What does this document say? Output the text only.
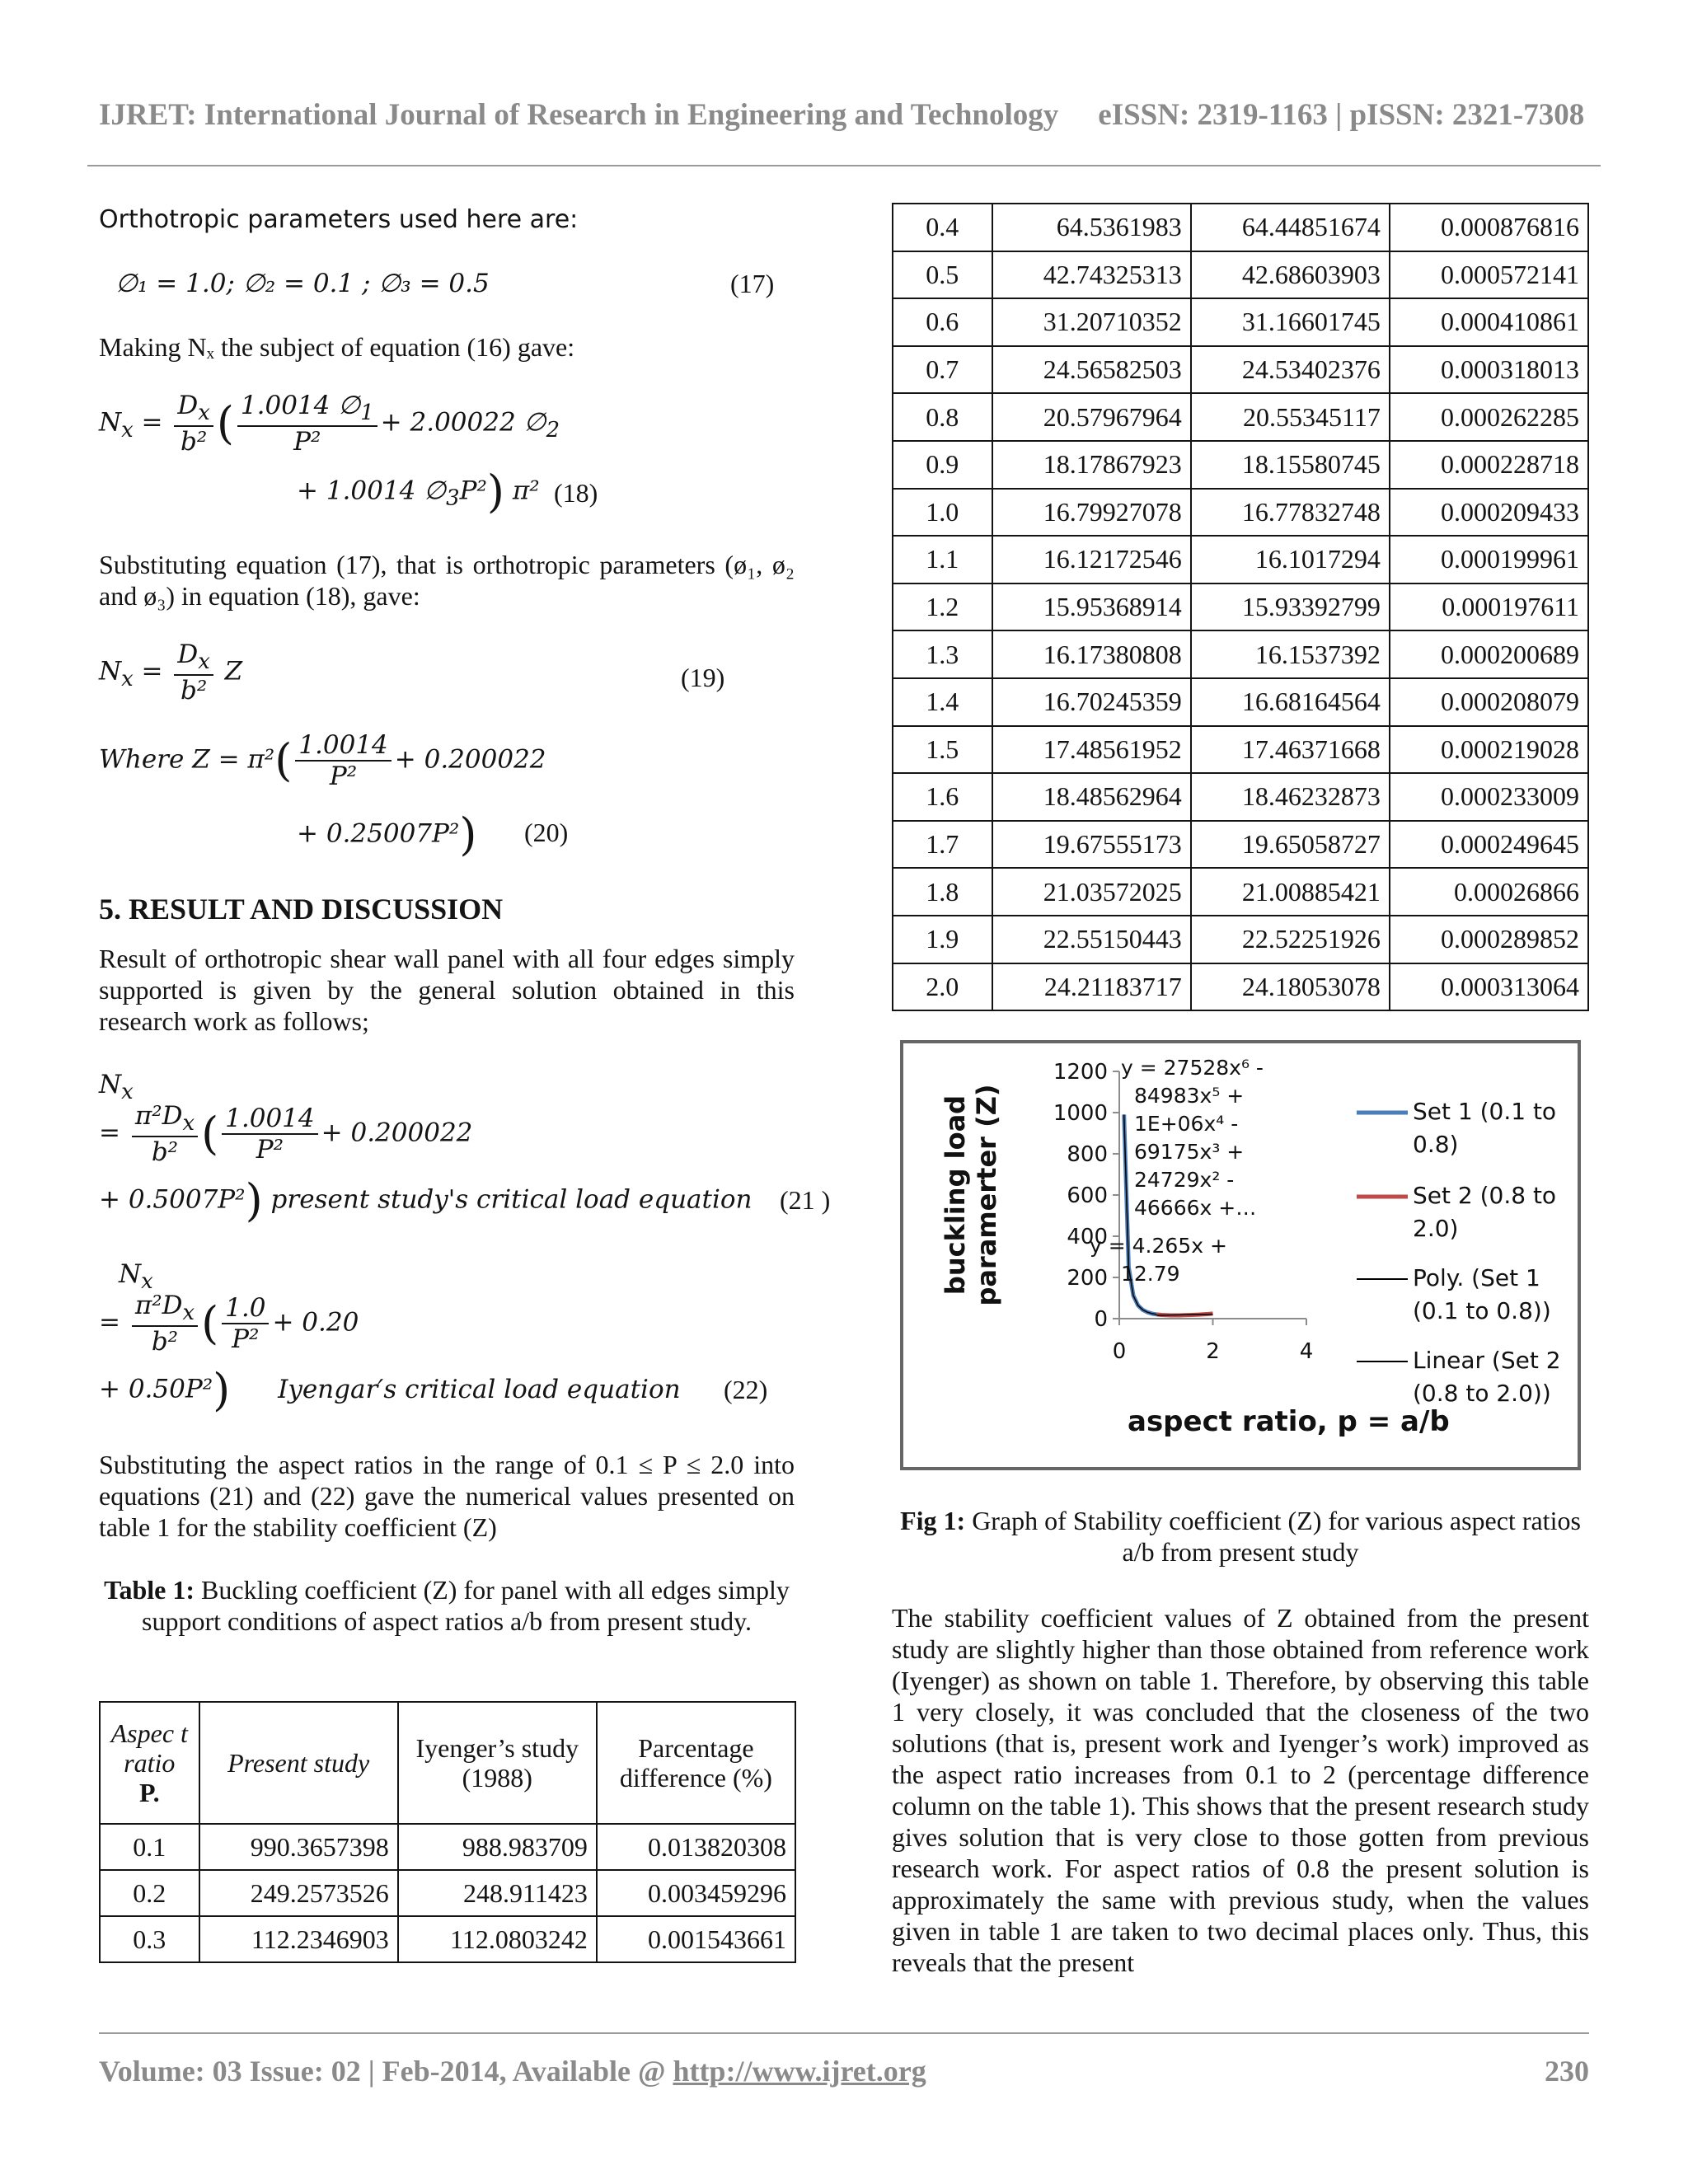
IJRET: International Journal of Research in Engineering and Technology eISSN: 2319-1163 | pISSN: 2321-7308
Orthotropic parameters used here are:
∅₁ = 1.0; ∅₂ = 0.1 ; ∅₃ = 0.5	(17)
Making Nₓ the subject of equation (16) gave:
$N_x = \frac{D_x}{\text{b²}}$ ( $\frac{1.0014 \emptyset_1}{\text{P²}} + 2.00022$ $\emptyset_2$
+ 1.0014 $\emptyset_3P^2$) π² (18)
Substituting equation (17), that is orthotropic parameters (ø₁, ø₂ and ø₃) in equation (18), gave:
$N_x = \frac{D_x}{\text{b²}}$ Z	(19)
Where $Z = \pi^2( \frac{1.0014}{\text{P²}} + 0.200022$
+ 0.25007P²) (20)
5. RESULT AND DISCUSSION
Result of orthotropic shear wall panel with all four edges simply supported is given by the general solution obtained in this research work as follows;
$N_x$
= $\frac{\pi^2D_x}{\text{b²}}$ ( $\frac{1.0014}{\text{P²}} + 0.200022$
+ 0.5007P²) present study's critical load equation (21 )
$N_x$
= $\frac{\pi^2D_x}{\text{b²}}$ ( $\frac{1.0}{\text{P²}} + 0.20$
+ 0.50P²) Iyengar′s critical load equation (22)
Substituting the aspect ratios in the range of 0.1 ≤ P ≤ 2.0 into equations (21) and (22) gave the numerical values presented on table 1 for the stability coefficient (Z)
Table 1: Buckling coefficient (Z) for panel with all edges simply support conditions of aspect ratios a/b from present study.
Aspec t ratio
P.	Present study	Iyenger’s study (1988)	Parcentage difference (%)
0.1	990.3657398	988.983709	0.013820308
0.2	249.2573526	248.911423	0.003459296
0.3	112.2346903	112.0803242	0.001543661
0.4	64.5361983	64.44851674	0.000876816
0.5	42.74325313	42.68603903	0.000572141
0.6	31.20710352	31.16601745	0.000410861
0.7	24.56582503	24.53402376	0.000318013
0.8	20.57967964	20.55345117	0.000262285
0.9	18.17867923	18.15580745	0.000228718
1.0	16.79927078	16.77832748	0.000209433
1.1	16.12172546	16.1017294	0.000199961
1.2	15.95368914	15.93392799	0.000197611
1.3	16.17380808	16.1537392	0.000200689
1.4	16.70245359	16.68164564	0.000208079
1.5	17.48561952	17.46371668	0.000219028
1.6	18.48562964	18.46232873	0.000233009
1.7	19.67555173	19.65058727	0.000249645
1.8	21.03572025	21.00885421	0.00026866
1.9	22.55150443	22.52251926	0.000289852
2.0	24.21183717	24.18053078	0.000313064
0
200
400
600
800
1000
1200
0	2	4
buckling loadparamerter (Z)
aspect ratio, p = a/b
y = 27528x⁶ -
84983x⁵ +
1E+06x⁴ -
69175x³ +
24729x² -
46666x +…
y = 4.265x +
12.79
Set 1 (0.1 to
0.8)
Set 2 (0.8 to
2.0)
Poly. (Set 1
(0.1 to 0.8))
Linear (Set 2
(0.8 to 2.0))
Fig 1: Graph of Stability coefficient (Z) for various aspect ratios a/b from present study
The stability coefficient values of Z obtained from the present study are slightly higher than those obtained from reference work (Iyenger) as shown on table 1. Therefore, by observing this table 1 very closely, it was concluded that the closeness of the two solutions (that is, present work and Iyenger’s work) improved as the aspect ratio increases from 0.1 to 2 (percentage difference column on the table 1). This shows that the present research study gives solution that is very close to those gotten from previous research work. For aspect ratios of 0.8 the present solution is approximately the same with previous study, when the values given in table 1 are taken to two decimal places only. Thus, this reveals that the present
Volume: 03 Issue: 02 | Feb-2014, Available @ http://www.ijret.org	230
